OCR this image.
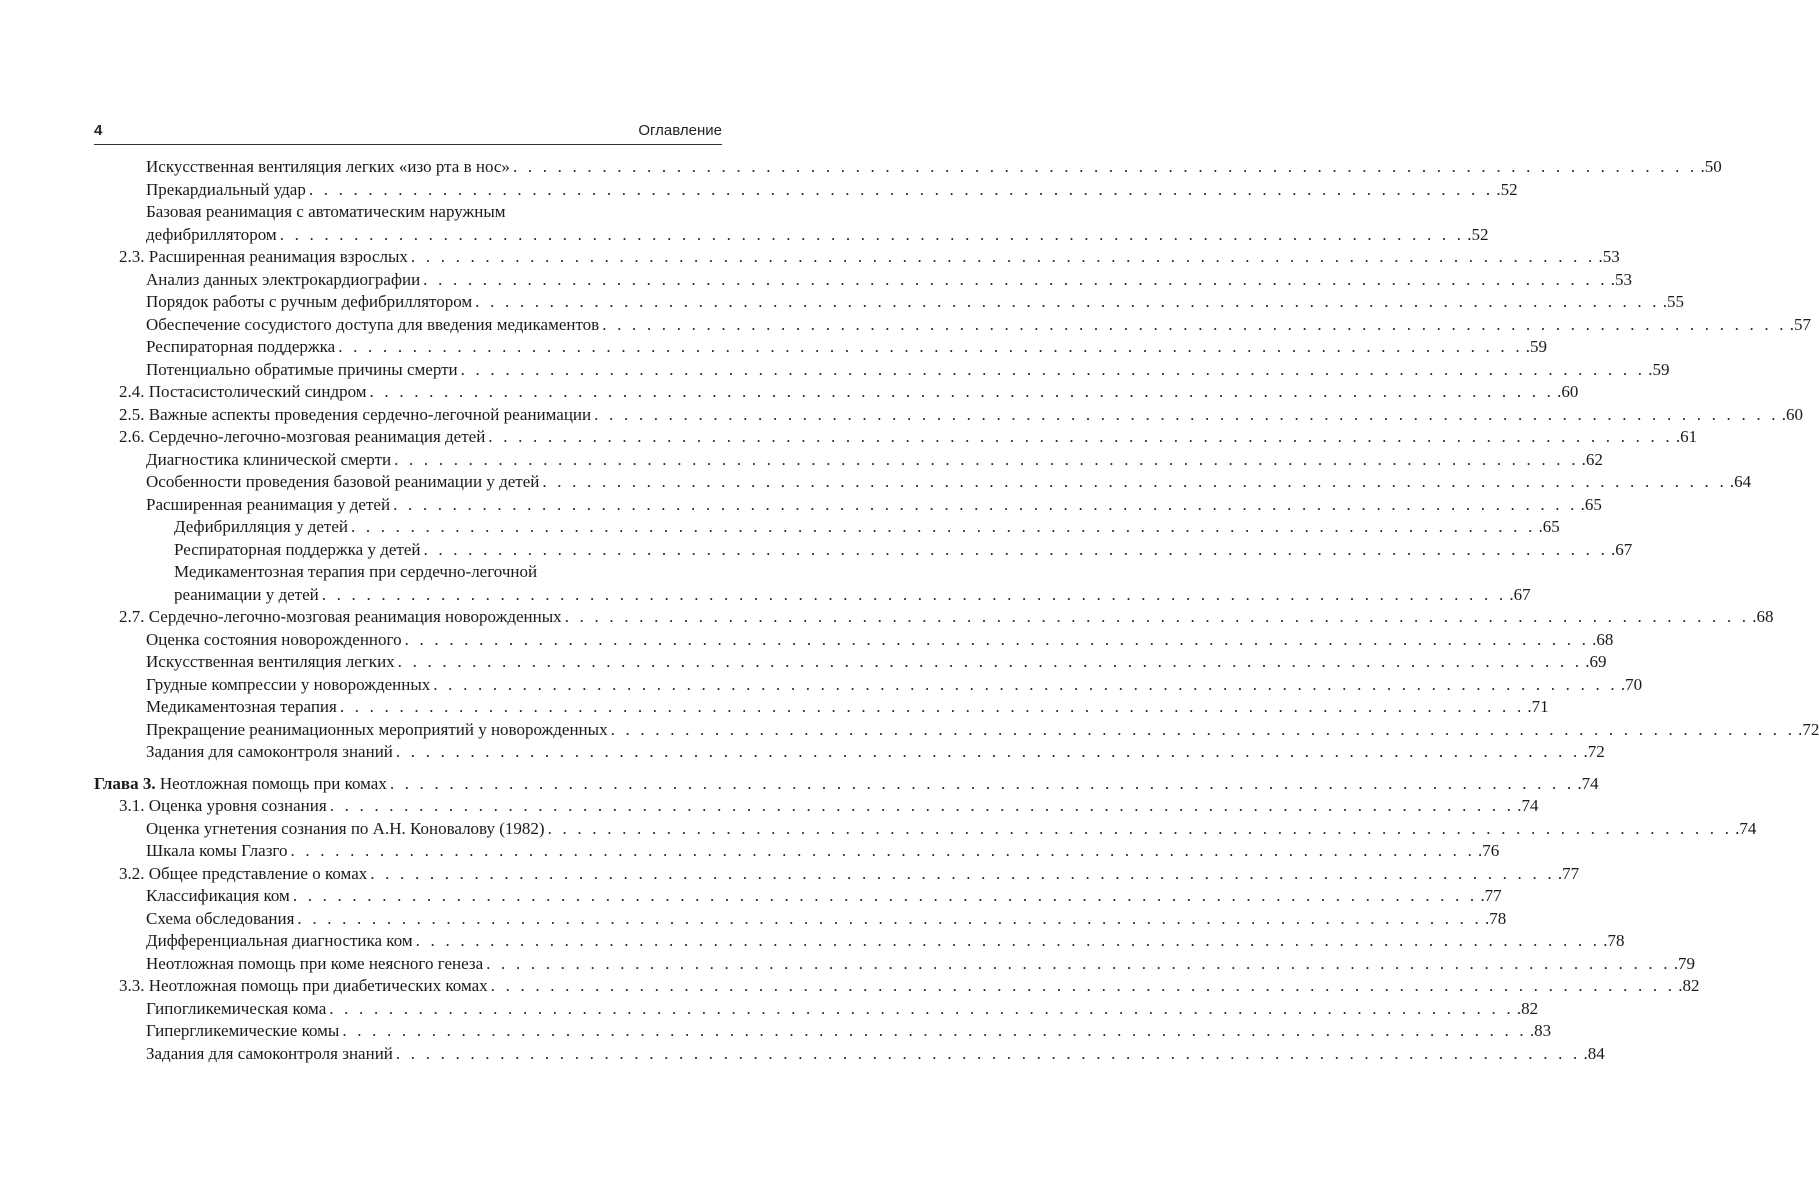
4	Оглавление
Искусственная вентиляция легких «изо рта в нос» . . . . . . . . . . . . . . . . . . . . . . . . . . . . . . . . . . . . . . . . . . . . . . . . . . . . . . . . . . . . . . . . . . . . . . . . . . . . . . . . .50
Прекардиальный удар . . . . . . . . . . . . . . . . . . . . . . . . . . . . . . . . . . . . . . . . . . . . . . . . . . . . . . . . . . . . . . . . . . . . . . . . . . . . . . . . .52
Базовая реанимация с автоматическим наружным
дефибриллятором . . . . . . . . . . . . . . . . . . . . . . . . . . . . . . . . . . . . . . . . . . . . . . . . . . . . . . . . . . . . . . . . . . . . . . . . . . . . . . . . .52
2.3. Расширенная реанимация взрослых . . . . . . . . . . . . . . . . . . . . . . . . . . . . . . . . . . . . . . . . . . . . . . . . . . . . . . . . . . . . . . . . . . . . . . . . . . . . . . . . .53
Анализ данных электрокардиографии . . . . . . . . . . . . . . . . . . . . . . . . . . . . . . . . . . . . . . . . . . . . . . . . . . . . . . . . . . . . . . . . . . . . . . . . . . . . . . . . .53
Порядок работы с ручным дефибриллятором . . . . . . . . . . . . . . . . . . . . . . . . . . . . . . . . . . . . . . . . . . . . . . . . . . . . . . . . . . . . . . . . . . . . . . . . . . . . . . . . .55
Обеспечение сосудистого доступа для введения медикаментов . . . . . . . . . . . . . . . . . . . . . . . . . . . . . . . . . . . . . . . . . . . . . . . . . . . . . . . . . . . . . . . . . . . . . . . . . . . . . . . . .57
Респираторная поддержка . . . . . . . . . . . . . . . . . . . . . . . . . . . . . . . . . . . . . . . . . . . . . . . . . . . . . . . . . . . . . . . . . . . . . . . . . . . . . . . . .59
Потенциально обратимые причины смерти . . . . . . . . . . . . . . . . . . . . . . . . . . . . . . . . . . . . . . . . . . . . . . . . . . . . . . . . . . . . . . . . . . . . . . . . . . . . . . . . .59
2.4. Постасистолический синдром . . . . . . . . . . . . . . . . . . . . . . . . . . . . . . . . . . . . . . . . . . . . . . . . . . . . . . . . . . . . . . . . . . . . . . . . . . . . . . . . .60
2.5. Важные аспекты проведения сердечно-легочной реанимации . . . . . . . . . . . . . . . . . . . . . . . . . . . . . . . . . . . . . . . . . . . . . . . . . . . . . . . . . . . . . . . . . . . . . . . . . . . . . . . . .60
2.6. Сердечно-легочно-мозговая реанимация детей . . . . . . . . . . . . . . . . . . . . . . . . . . . . . . . . . . . . . . . . . . . . . . . . . . . . . . . . . . . . . . . . . . . . . . . . . . . . . . . . .61
Диагностика клинической смерти . . . . . . . . . . . . . . . . . . . . . . . . . . . . . . . . . . . . . . . . . . . . . . . . . . . . . . . . . . . . . . . . . . . . . . . . . . . . . . . . .62
Особенности проведения базовой реанимации у детей . . . . . . . . . . . . . . . . . . . . . . . . . . . . . . . . . . . . . . . . . . . . . . . . . . . . . . . . . . . . . . . . . . . . . . . . . . . . . . . . .64
Расширенная реанимация у детей . . . . . . . . . . . . . . . . . . . . . . . . . . . . . . . . . . . . . . . . . . . . . . . . . . . . . . . . . . . . . . . . . . . . . . . . . . . . . . . . .65
Дефибрилляция у детей . . . . . . . . . . . . . . . . . . . . . . . . . . . . . . . . . . . . . . . . . . . . . . . . . . . . . . . . . . . . . . . . . . . . . . . . . . . . . . . . .65
Респираторная поддержка у детей . . . . . . . . . . . . . . . . . . . . . . . . . . . . . . . . . . . . . . . . . . . . . . . . . . . . . . . . . . . . . . . . . . . . . . . . . . . . . . . . .67
Медикаментозная терапия при сердечно-легочной
реанимации у детей . . . . . . . . . . . . . . . . . . . . . . . . . . . . . . . . . . . . . . . . . . . . . . . . . . . . . . . . . . . . . . . . . . . . . . . . . . . . . . . . .67
2.7. Сердечно-легочно-мозговая реанимация новорожденных . . . . . . . . . . . . . . . . . . . . . . . . . . . . . . . . . . . . . . . . . . . . . . . . . . . . . . . . . . . . . . . . . . . . . . . . . . . . . . . . .68
Оценка состояния новорожденного . . . . . . . . . . . . . . . . . . . . . . . . . . . . . . . . . . . . . . . . . . . . . . . . . . . . . . . . . . . . . . . . . . . . . . . . . . . . . . . . .68
Искусственная вентиляция легких . . . . . . . . . . . . . . . . . . . . . . . . . . . . . . . . . . . . . . . . . . . . . . . . . . . . . . . . . . . . . . . . . . . . . . . . . . . . . . . . .69
Грудные компрессии у новорожденных . . . . . . . . . . . . . . . . . . . . . . . . . . . . . . . . . . . . . . . . . . . . . . . . . . . . . . . . . . . . . . . . . . . . . . . . . . . . . . . . .70
Медикаментозная терапия . . . . . . . . . . . . . . . . . . . . . . . . . . . . . . . . . . . . . . . . . . . . . . . . . . . . . . . . . . . . . . . . . . . . . . . . . . . . . . . . .71
Прекращение реанимационных мероприятий у новорожденных . . . . . . . . . . . . . . . . . . . . . . . . . . . . . . . . . . . . . . . . . . . . . . . . . . . . . . . . . . . . . . . . . . . . . . . . . . . . . . . . .72
Задания для самоконтроля знаний . . . . . . . . . . . . . . . . . . . . . . . . . . . . . . . . . . . . . . . . . . . . . . . . . . . . . . . . . . . . . . . . . . . . . . . . . . . . . . . . .72
Глава 3. Неотложная помощь при комах . . . . . . . . . . . . . . . . . . . . . . . . . . . . . . . . . . . . . . . . . . . . . . . . . . . . . . . . . . . . . . . . . . . . . . . . . . . . . . . . .74
3.1. Оценка уровня сознания . . . . . . . . . . . . . . . . . . . . . . . . . . . . . . . . . . . . . . . . . . . . . . . . . . . . . . . . . . . . . . . . . . . . . . . . . . . . . . . . .74
Оценка угнетения сознания по А.Н. Коновалову (1982) . . . . . . . . . . . . . . . . . . . . . . . . . . . . . . . . . . . . . . . . . . . . . . . . . . . . . . . . . . . . . . . . . . . . . . . . . . . . . . . . .74
Шкала комы Глазго . . . . . . . . . . . . . . . . . . . . . . . . . . . . . . . . . . . . . . . . . . . . . . . . . . . . . . . . . . . . . . . . . . . . . . . . . . . . . . . . .76
3.2. Общее представление о комах . . . . . . . . . . . . . . . . . . . . . . . . . . . . . . . . . . . . . . . . . . . . . . . . . . . . . . . . . . . . . . . . . . . . . . . . . . . . . . . . .77
Классификация ком . . . . . . . . . . . . . . . . . . . . . . . . . . . . . . . . . . . . . . . . . . . . . . . . . . . . . . . . . . . . . . . . . . . . . . . . . . . . . . . . .77
Схема обследования . . . . . . . . . . . . . . . . . . . . . . . . . . . . . . . . . . . . . . . . . . . . . . . . . . . . . . . . . . . . . . . . . . . . . . . . . . . . . . . . .78
Дифференциальная диагностика ком . . . . . . . . . . . . . . . . . . . . . . . . . . . . . . . . . . . . . . . . . . . . . . . . . . . . . . . . . . . . . . . . . . . . . . . . . . . . . . . . .78
Неотложная помощь при коме неясного генеза . . . . . . . . . . . . . . . . . . . . . . . . . . . . . . . . . . . . . . . . . . . . . . . . . . . . . . . . . . . . . . . . . . . . . . . . . . . . . . . . .79
3.3. Неотложная помощь при диабетических комах . . . . . . . . . . . . . . . . . . . . . . . . . . . . . . . . . . . . . . . . . . . . . . . . . . . . . . . . . . . . . . . . . . . . . . . . . . . . . . . . .82
Гипогликемическая кома . . . . . . . . . . . . . . . . . . . . . . . . . . . . . . . . . . . . . . . . . . . . . . . . . . . . . . . . . . . . . . . . . . . . . . . . . . . . . . . . .82
Гипергликемические комы . . . . . . . . . . . . . . . . . . . . . . . . . . . . . . . . . . . . . . . . . . . . . . . . . . . . . . . . . . . . . . . . . . . . . . . . . . . . . . . . .83
Задания для самоконтроля знаний . . . . . . . . . . . . . . . . . . . . . . . . . . . . . . . . . . . . . . . . . . . . . . . . . . . . . . . . . . . . . . . . . . . . . . . . . . . . . . . . .84
